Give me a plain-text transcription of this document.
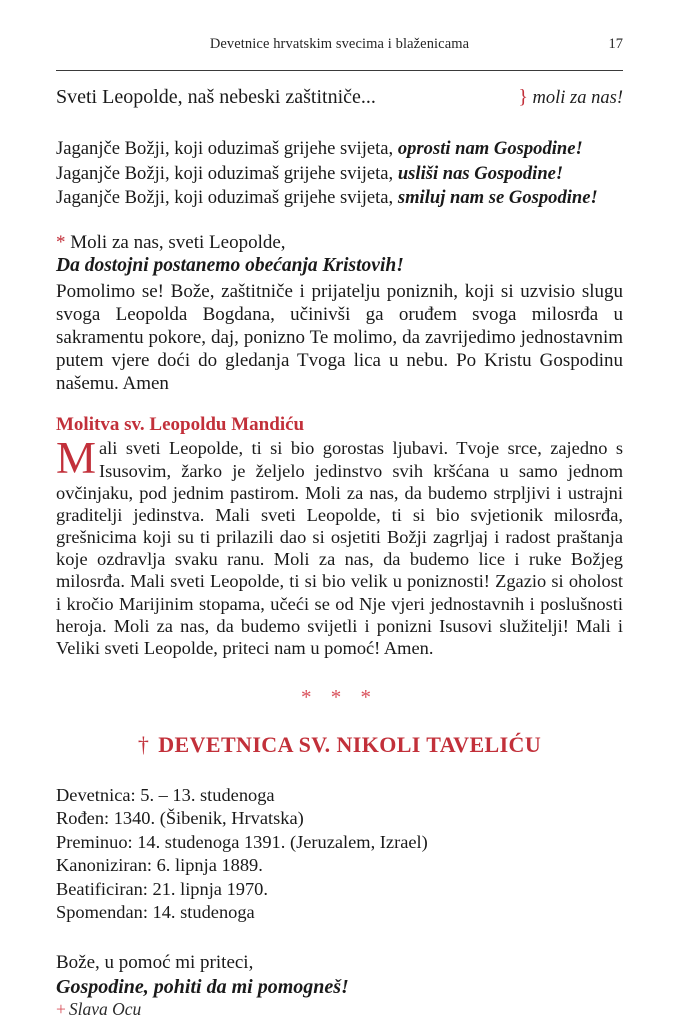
Devetnice hrvatskim svecima i blaženicama	17
Sveti Leopolde, naš nebeski zaštitniče...	} moli za nas!
Jaganjče Božji, koji oduzimaš grijehe svijeta, oprosti nam Gospodine!
Jaganjče Božji, koji oduzimaš grijehe svijeta, usliši nas Gospodine!
Jaganjče Božji, koji oduzimaš grijehe svijeta, smiluj nam se Gospodine!
* Moli za nas, sveti Leopolde,
Da dostojni postanemo obećanja Kristovih!
Pomolimo se! Bože, zaštitniče i prijatelju poniznih, koji si uzvisio slugu svoga Leopolda Bogdana, učinivši ga oruđem svoga milosrđa u sakramentu pokore, daj, ponizno Te molimo, da zavrijedimo jednostavnim putem vjere doći do gledanja Tvoga lica u nebu. Po Kristu Gospodinu našemu. Amen
Molitva sv. Leopoldu Mandiću
Mali sveti Leopolde, ti si bio gorostas ljubavi. Tvoje srce, zajedno s Isusovim, žarko je željelo jedinstvo svih kršćana u samo jednom ovčinjaku, pod jednim pastirom. Moli za nas, da budemo strpljivi i ustrajni graditelji jedinstva. Mali sveti Leopolde, ti si bio svjetionik milosrđa, grešnicima koji su ti prilazili dao si osjetiti Božji zagrljaj i radost praštanja koje ozdravlja svaku ranu. Moli za nas, da budemo lice i ruke Božjeg milosrđa. Mali sveti Leopolde, ti si bio velik u poniznosti! Zgazio si oholost i kročio Marijinim stopama, učeći se od Nje vjeri jednostavnih i poslušnosti heroja. Moli za nas, da budemo svijetli i ponizni Isusovi služitelji! Mali i Veliki sveti Leopolde, priteci nam u pomoć! Amen.
* * *
† DEVETNICA SV. NIKOLI TAVELIĆU
Devetnica: 5. – 13. studenoga
Rođen: 1340. (Šibenik, Hrvatska)
Preminuo: 14. studenoga 1391. (Jeruzalem, Izrael)
Kanoniziran: 6. lipnja 1889.
Beatificiran: 21. lipnja 1970.
Spomendan: 14. studenoga
Bože, u pomoć mi priteci,
Gospodine, pohiti da mi pomogneš!
+ Slava Ocu
